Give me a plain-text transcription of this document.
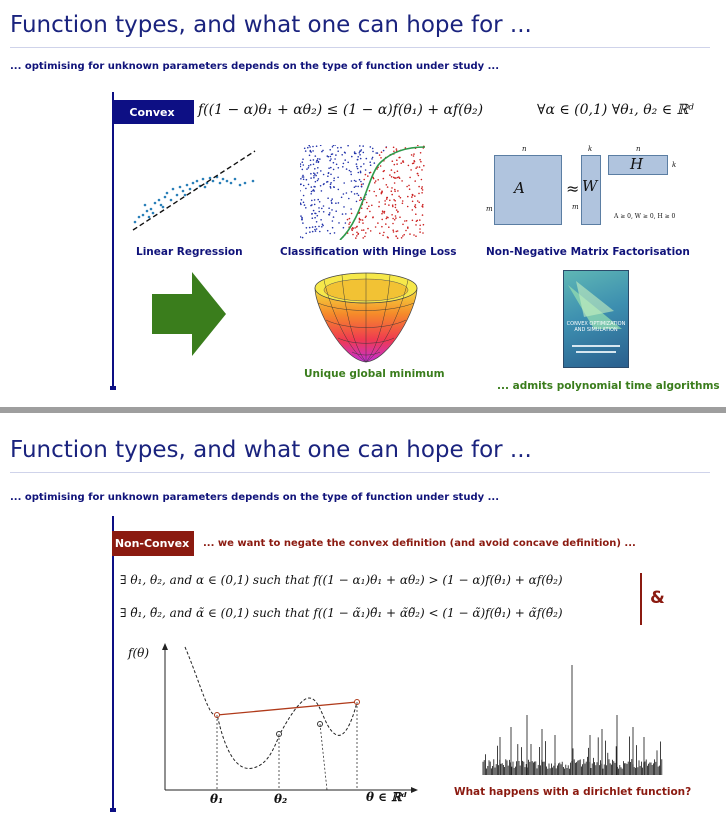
Function types, and what one can hope for ...
... optimising for unknown parameters depends on the type of function under study ...
Convex	f((1 − α)θ₁ + αθ₂) ≤ (1 − α)f(θ₁) + αf(θ₂)	∀α ∈ (0,1) ∀θ₁, θ₂ ∈ ℝᵈ
A
n
m
≈ W
k
m
H
n
k
A ≥ 0, W ≥ 0, H ≥ 0
Linear Regression	Classification with Hinge Loss	Non-Negative Matrix Factorisation
CONVEX OPTIMIZATION AND SIMULATION
Unique global minimum
... admits polynomial time algorithms
Function types, and what one can hope for ...
... optimising for unknown parameters depends on the type of function under study ...
Non-Convex ... we want to negate the convex definition (and avoid concave definition) ...
∃ θ₁, θ₂, and α ∈ (0,1) such that f((1 − α₁)θ₁ + αθ₂) > (1 − α)f(θ₁) + αf(θ₂)
∃ θ̃₁, θ̃₂, and α̃ ∈ (0,1) such that f((1 − α̃₁)θ̃₁ + α̃θ̃₂) < (1 − α̃)f(θ̃₁) + α̃f(θ̃₂)
&
f(θ)
θ₁	θ₂	θ ∈ ℝᵈ	What happens with a dirichlet function?
